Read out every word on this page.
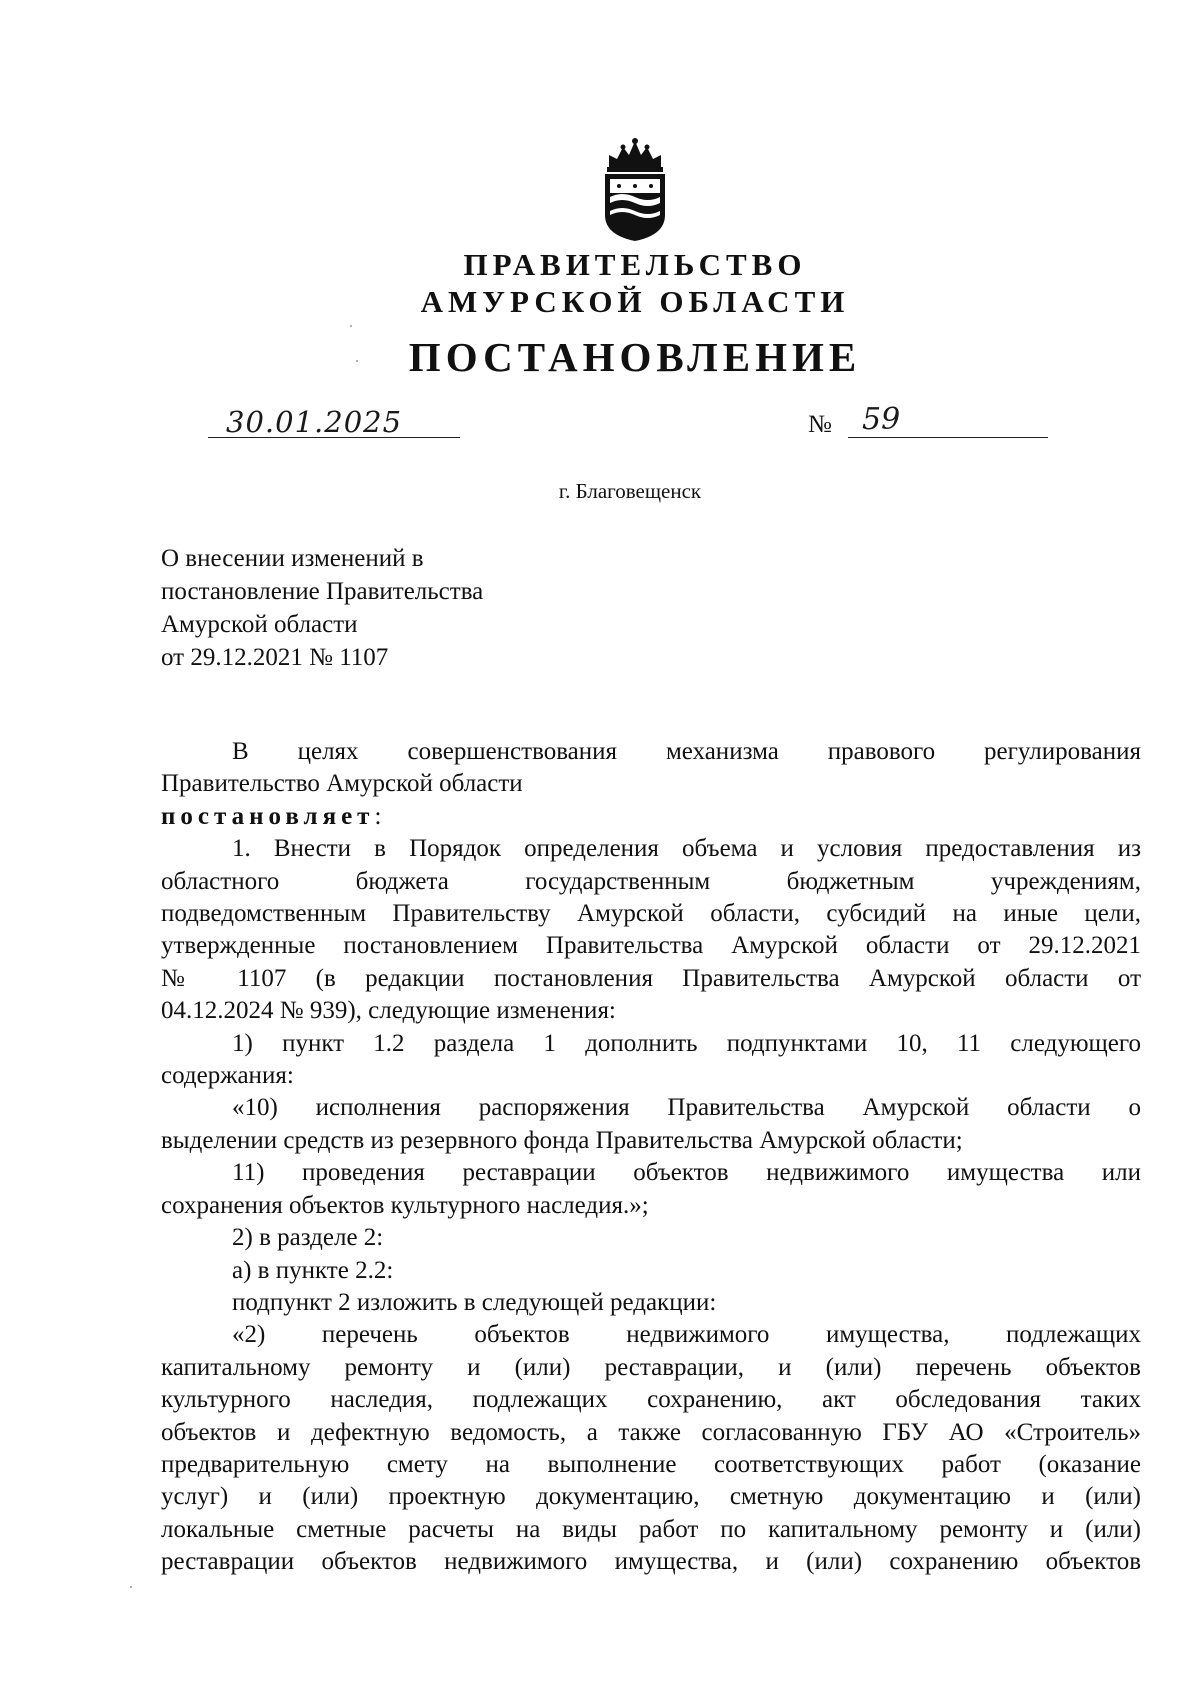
ПРАВИТЕЛЬСТВО
АМУРСКОЙ ОБЛАСТИ
ПОСТАНОВЛЕНИЕ
30.01.2025	№ 59
г. Благовещенск
О внесении изменений в
постановление Правительства
Амурской области
от 29.12.2021 № 1107

В целях совершенствования механизма правового регулирования

Правительство Амурской области

постановляет:

1. Внести в Порядок определения объема и условия предоставления из

областного бюджета государственным бюджетным учреждениям,

подведомственным Правительству Амурской области, субсидий на иные цели,

утвержденные постановлением Правительства Амурской области от 29.12.2021

№ 1107 (в редакции постановления Правительства Амурской области от

04.12.2024 № 939), следующие изменения:

1) пункт 1.2 раздела 1 дополнить подпунктами 10, 11 следующего

содержания:

«10) исполнения распоряжения Правительства Амурской области о

выделении средств из резервного фонда Правительства Амурской области;

11) проведения реставрации объектов недвижимого имущества или

сохранения объектов культурного наследия.»;

2) в разделе 2:

а) в пункте 2.2:

подпункт 2 изложить в следующей редакции:

«2) перечень объектов недвижимого имущества, подлежащих

капитальному ремонту и (или) реставрации, и (или) перечень объектов

культурного наследия, подлежащих сохранению, акт обследования таких

объектов и дефектную ведомость, а также согласованную ГБУ АО «Строитель»

предварительную смету на выполнение соответствующих работ (оказание

услуг) и (или) проектную документацию, сметную документацию и (или)

локальные сметные расчеты на виды работ по капитальному ремонту и (или)

реставрации объектов недвижимого имущества, и (или) сохранению объектов
